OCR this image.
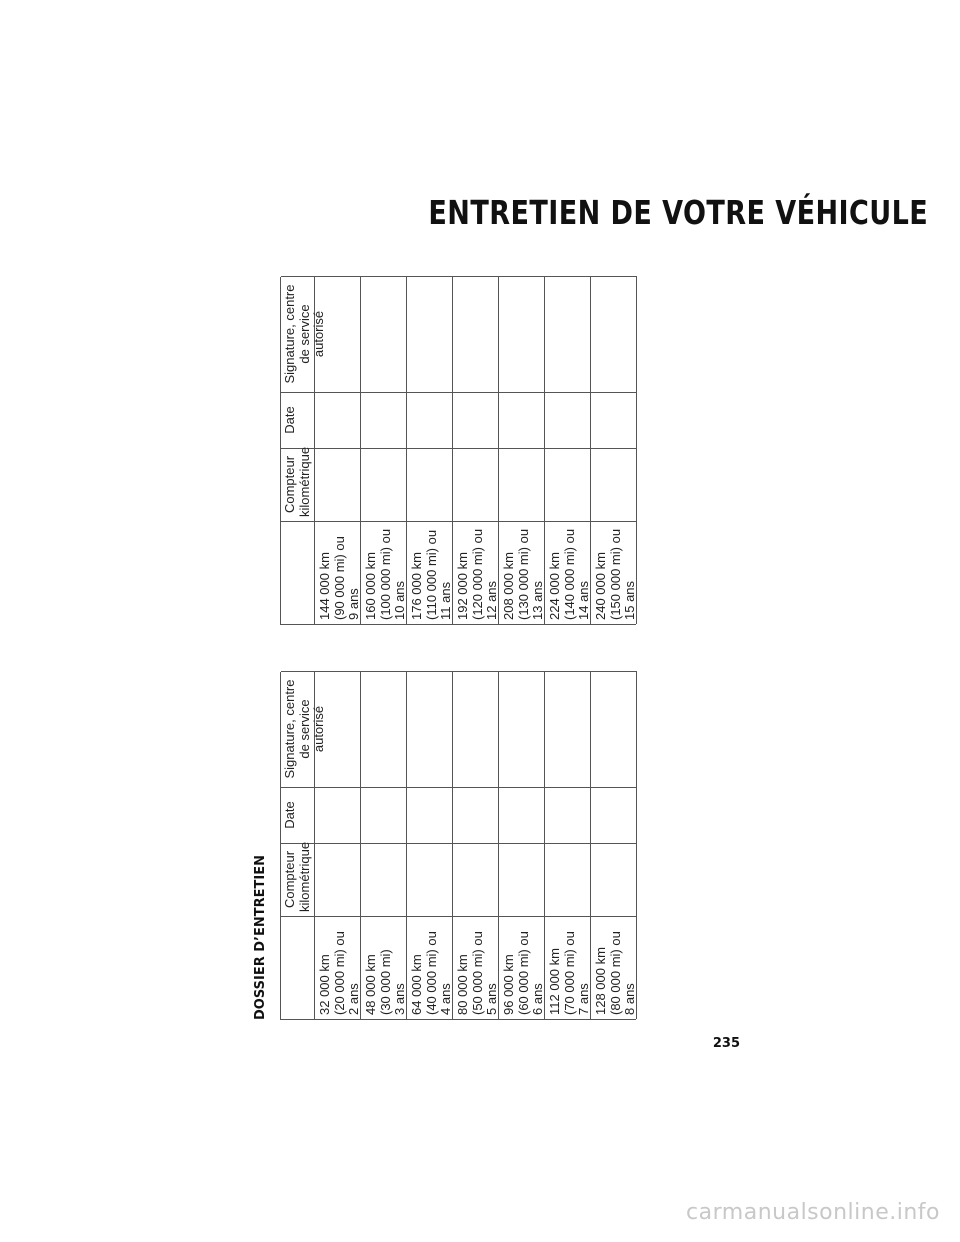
ENTRETIEN DE VOTRE VÉHICULE
DOSSIER D’ENTRETIEN Compteur
kilométrique
Date
Signature, centre
de service autorisé
32 000 km
(20 000 mi) ou
2 ans 48 000 km
(30 000 mi)
3 ans 64 000 km
(40 000 mi) ou
4 ans 80 000 km
(50 000 mi) ou
5 ans 96 000 km
(60 000 mi) ou
6 ans 112 000 km
(70 000 mi) ou
7 ans 128 000 km
(80 000 mi) ou
8 ans
Compteur
kilométrique
Date
Signature, centre
de service autorisé
144 000 km
(90 000 mi) ou
9 ans 160 000 km
(100 000 mi) ou
10 ans 176 000 km
(110 000 mi) ou
11 ans 192 000 km
(120 000 mi) ou
12 ans 208 000 km
(130 000 mi) ou
13 ans 224 000 km
(140 000 mi) ou
14 ans 240 000 km
(150 000 mi) ou
15 ans
235
carmanualsonline.info
